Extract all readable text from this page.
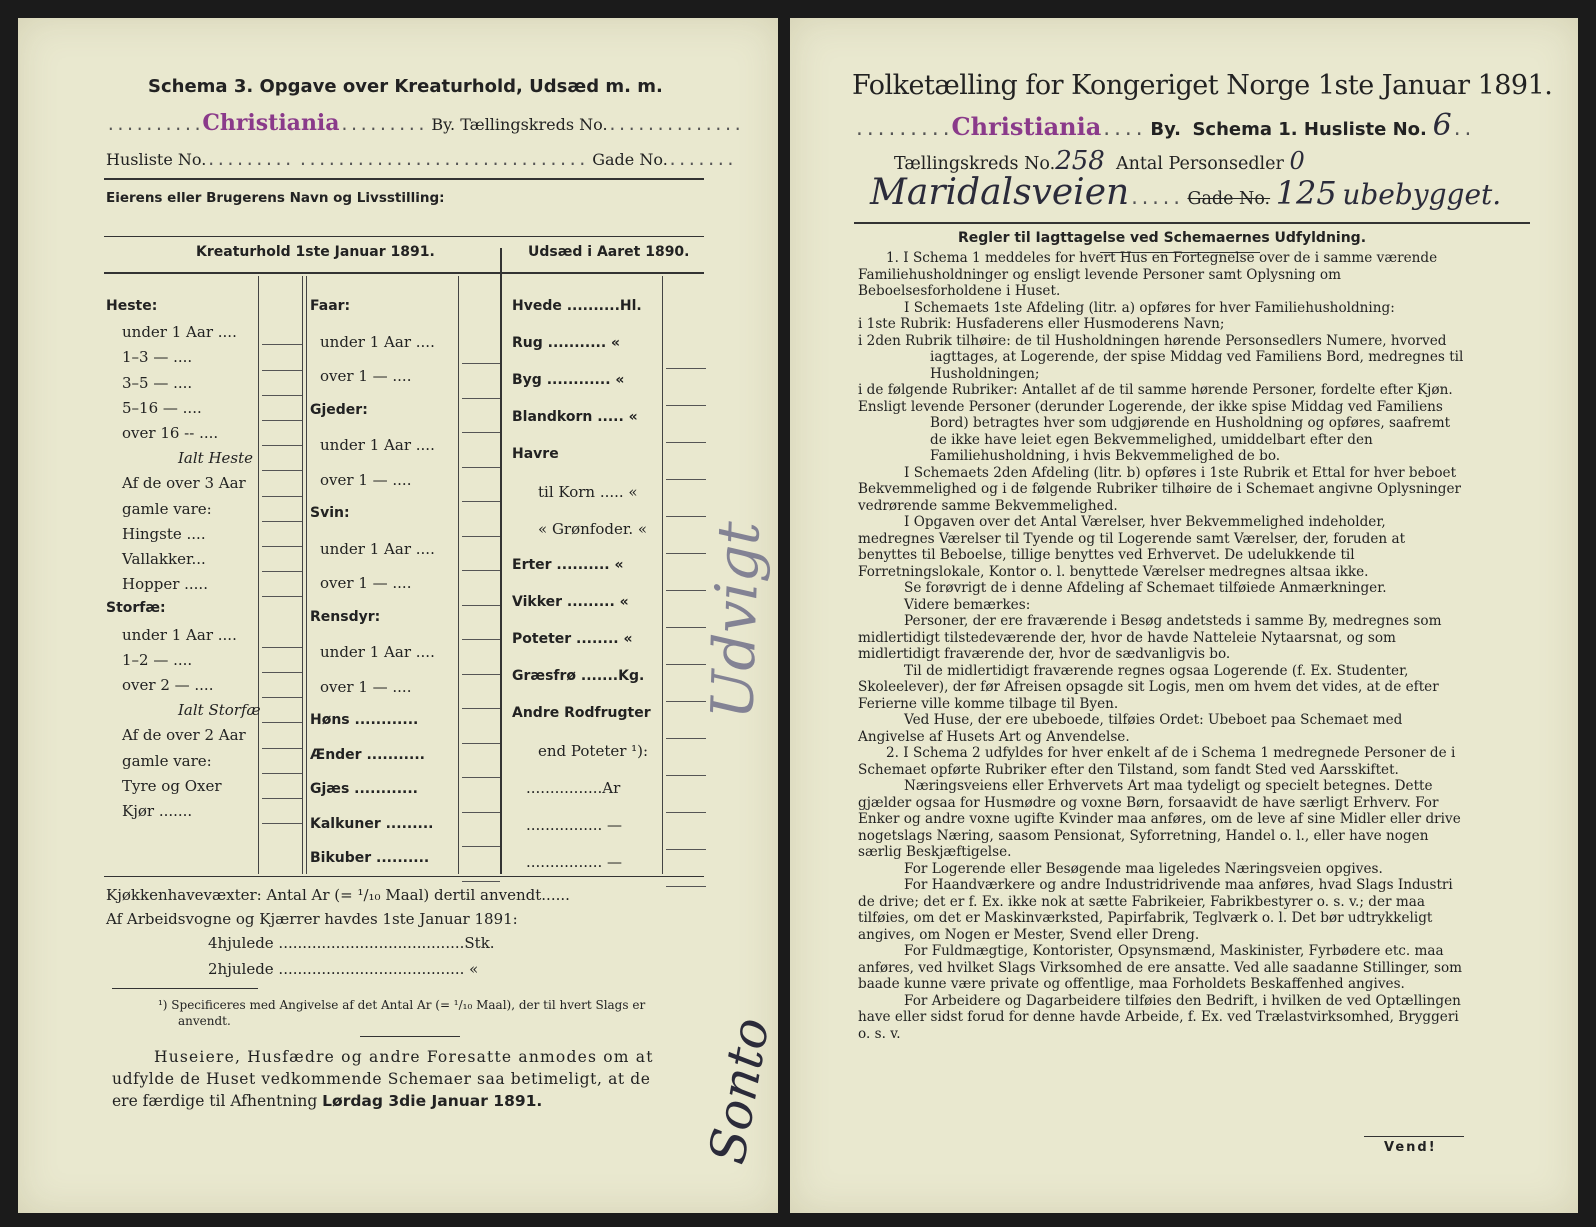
Schema 3. Opgave over Kreaturhold, Udsæd m. m.
..........Christiania......... By. Tællingskreds No...............
Husliste No.......... .............................. Gade No........
Eierens eller Brugerens Navn og Livsstilling:
Kreaturhold 1ste Januar 1891.	Udsæd i Aaret 1890.
Heste:
under 1 Aar ....
1–3 — ....
3–5 — ....
5–16 — ....
over 16 -- ....
Ialt Heste
Af de over 3 Aar
gamle vare:
Hingste ....
Vallakker...
Hopper .....
Storfæ:
under 1 Aar ....
1–2 — ....
over 2 — ....
Ialt Storfæ
Af de over 2 Aar
gamle vare:
Tyre og Oxer
Kjør .......
Faar:
under 1 Aar ....
over 1 — ....
Gjeder:
under 1 Aar ....
over 1 — ....
Svin:
under 1 Aar ....
over 1 — ....
Rensdyr:
under 1 Aar ....
over 1 — ....
Høns ............
Ænder ...........
Gjæs ............
Kalkuner .........
Bikuber ..........
Hvede ..........Hl.
Rug ........... «
Byg ............ «
Blandkorn ..... «
Havre
til Korn ..... «
« Grønfoder. «
Erter .......... «
Vikker ......... «
Poteter ........ «
Græsfrø .......Kg.
Andre Rodfrugter
end Poteter ¹):
................Ar
................ —
................ —
Kjøkkenhavevæxter: Antal Ar (= ¹/₁₀ Maal) dertil anvendt......
Af Arbeidsvogne og Kjærrer havdes 1ste Januar 1891:
4hjulede .......................................Stk.
2hjulede ....................................... «
¹) Specificeres med Angivelse af det Antal Ar (= ¹/₁₀ Maal), der til hvert Slags er
anvendt.
Huseiere, Husfædre og andre Foresatte anmodes om at
udfylde de Huset vedkommende Schemaer saa betimeligt, at de
ere færdige til Afhentning Lørdag 3die Januar 1891.
Udvigt
Sonto
Folketælling for Kongeriget Norge 1ste Januar 1891.
.........Christiania.... By. Schema 1. Husliste No. 6..
Tællingskreds No.258 Antal Personsedler 0
Maridalsveien..... Gade No. 125 ubebygget.
Regler til Iagttagelse ved Schemaernes Udfyldning.

1. I Schema 1 meddeles for hvert Hus en Fortegnelse over de i samme værende Familiehusholdninger og ensligt levende Personer samt Oplysning om Beboelsesforholdene i Huset.

I Schemaets 1ste Afdeling (litr. a) opføres for hver Familiehusholdning:

i 1ste Rubrik: Husfaderens eller Husmoderens Navn;

i 2den Rubrik tilhøire: de til Husholdningen hørende Personsedlers Numere, hvorved iagttages, at Logerende, der spise Middag ved Familiens Bord, medregnes til Husholdningen;

i de følgende Rubriker: Antallet af de til samme hørende Personer, fordelte efter Kjøn.

Ensligt levende Personer (derunder Logerende, der ikke spise Middag ved Familiens Bord) betragtes hver som udgjørende en Husholdning og opføres, saafremt de ikke have leiet egen Bekvemmelighed, umiddelbart efter den Familiehusholdning, i hvis Bekvemmelighed de bo.

I Schemaets 2den Afdeling (litr. b) opføres i 1ste Rubrik et Ettal for hver beboet Bekvemmelighed og i de følgende Rubriker tilhøire de i Schemaet angivne Oplysninger vedrørende samme Bekvemmelighed.

I Opgaven over det Antal Værelser, hver Bekvemmelighed indeholder, medregnes Værelser til Tyende og til Logerende samt Værelser, der, foruden at benyttes til Beboelse, tillige benyttes ved Erhvervet. De udelukkende til Forretningslokale, Kontor o. l. benyttede Værelser medregnes altsaa ikke.

Se forøvrigt de i denne Afdeling af Schemaet tilføiede Anmærkninger.

Videre bemærkes:

Personer, der ere fraværende i Besøg andetsteds i samme By, medregnes som midlertidigt tilstedeværende der, hvor de havde Natteleie Nytaarsnat, og som midlertidigt fraværende der, hvor de sædvanligvis bo.

Til de midlertidigt fraværende regnes ogsaa Logerende (f. Ex. Studenter, Skoleelever), der før Afreisen opsagde sit Logis, men om hvem det vides, at de efter Ferierne ville komme tilbage til Byen.

Ved Huse, der ere ubeboede, tilføies Ordet: Ubeboet paa Schemaet med Angivelse af Husets Art og Anvendelse.

2. I Schema 2 udfyldes for hver enkelt af de i Schema 1 medregnede Personer de i Schemaet opførte Rubriker efter den Tilstand, som fandt Sted ved Aarsskiftet.

Næringsveiens eller Erhvervets Art maa tydeligt og specielt betegnes. Dette gjælder ogsaa for Husmødre og voxne Børn, forsaavidt de have særligt Erhverv. For Enker og andre voxne ugifte Kvinder maa anføres, om de leve af sine Midler eller drive nogetslags Næring, saasom Pensionat, Syforretning, Handel o. l., eller have nogen særlig Beskjæftigelse.

For Logerende eller Besøgende maa ligeledes Næringsveien opgives.

For Haandværkere og andre Industridrivende maa anføres, hvad Slags Industri de drive; det er f. Ex. ikke nok at sætte Fabrikeier, Fabrikbestyrer o. s. v.; der maa tilføies, om det er Maskinværksted, Papirfabrik, Teglværk o. l. Det bør udtrykkeligt angives, om Nogen er Mester, Svend eller Dreng.

For Fuldmægtige, Kontorister, Opsynsmænd, Maskinister, Fyrbødere etc. maa anføres, ved hvilket Slags Virksomhed de ere ansatte. Ved alle saadanne Stillinger, som baade kunne være private og offentlige, maa Forholdets Beskaffenhed angives.

For Arbeidere og Dagarbeidere tilføies den Bedrift, i hvilken de ved Optællingen have eller sidst forud for denne havde Arbeide, f. Ex. ved Trælastvirksomhed, Bryggeri o. s. v.

Vend!
